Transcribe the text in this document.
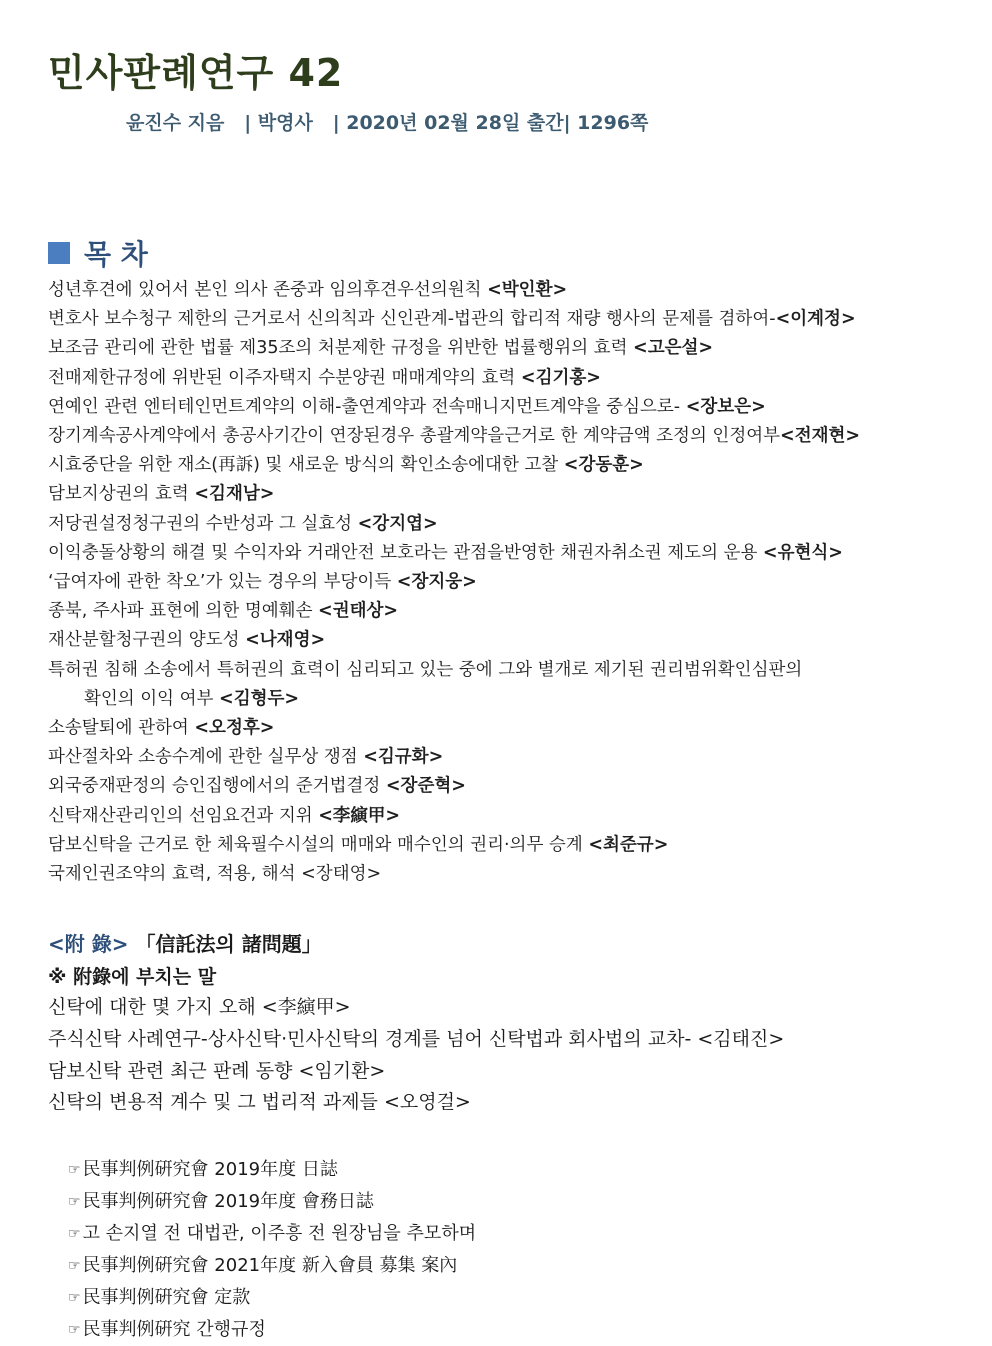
민사판례연구 42
윤진수 지음   | 박영사   | 2020년 02월 28일 출간| 1296쪽
목 차
성년후견에 있어서 본인 의사 존중과 임의후견우선의원칙 <박인환>
변호사 보수청구 제한의 근거로서 신의칙과 신인관계-법관의 합리적 재량 행사의 문제를 겸하여-<이계정>
보조금 관리에 관한 법률 제35조의 처분제한 규정을 위반한 법률행위의 효력 <고은설>
전매제한규정에 위반된 이주자택지 수분양권 매매계약의 효력 <김기홍>
연예인 관련 엔터테인먼트계약의 이해-출연계약과 전속매니지먼트계약을 중심으로- <장보은>
장기계속공사계약에서 총공사기간이 연장된경우 총괄계약을근거로 한 계약금액 조정의 인정여부<전재현>
시효중단을 위한 재소(再訴) 및 새로운 방식의 확인소송에대한 고찰 <강동훈>
담보지상권의 효력 <김재남>
저당권설정청구권의 수반성과 그 실효성 <강지엽>
이익충돌상황의 해결 및 수익자와 거래안전 보호라는 관점을반영한 채권자취소권 제도의 운용 <유현식>
‘급여자에 관한 착오’가 있는 경우의 부당이득 <장지웅>
종북, 주사파 표현에 의한 명예훼손 <권태상>
재산분할청구권의 양도성 <나재영>
특허권 침해 소송에서 특허권의 효력이 심리되고 있는 중에 그와 별개로 제기된 권리범위확인심판의
확인의 이익 여부 <김형두>
소송탈퇴에 관하여 <오정후>
파산절차와 소송수계에 관한 실무상 쟁점 <김규화>
외국중재판정의 승인집행에서의 준거법결정 <장준혁>
신탁재산관리인의 선임요건과 지위 <李縯甲>
담보신탁을 근거로 한 체육필수시설의 매매와 매수인의 권리·의무 승계 <최준규>
국제인권조약의 효력, 적용, 해석 <장태영>
<附 錄> 「信託法의 諸問題」
※ 附錄에 부치는 말
신탁에 대한 몇 가지 오해 <李縯甲>
주식신탁 사례연구-상사신탁·민사신탁의 경계를 넘어 신탁법과 회사법의 교차- <김태진>
담보신탁 관련 최근 판례 동향 <임기환>
신탁의 변용적 계수 및 그 법리적 과제들 <오영걸>
☞ 民事判例硏究會 2019年度 日誌
☞ 民事判例硏究會 2019年度 會務日誌
☞ 고 손지열 전 대법관, 이주흥 전 원장님을 추모하며
☞ 民事判例硏究會 2021年度 新入會員 募集 案內
☞ 民事判例硏究會 定款
☞ 民事判例硏究 간행규정
